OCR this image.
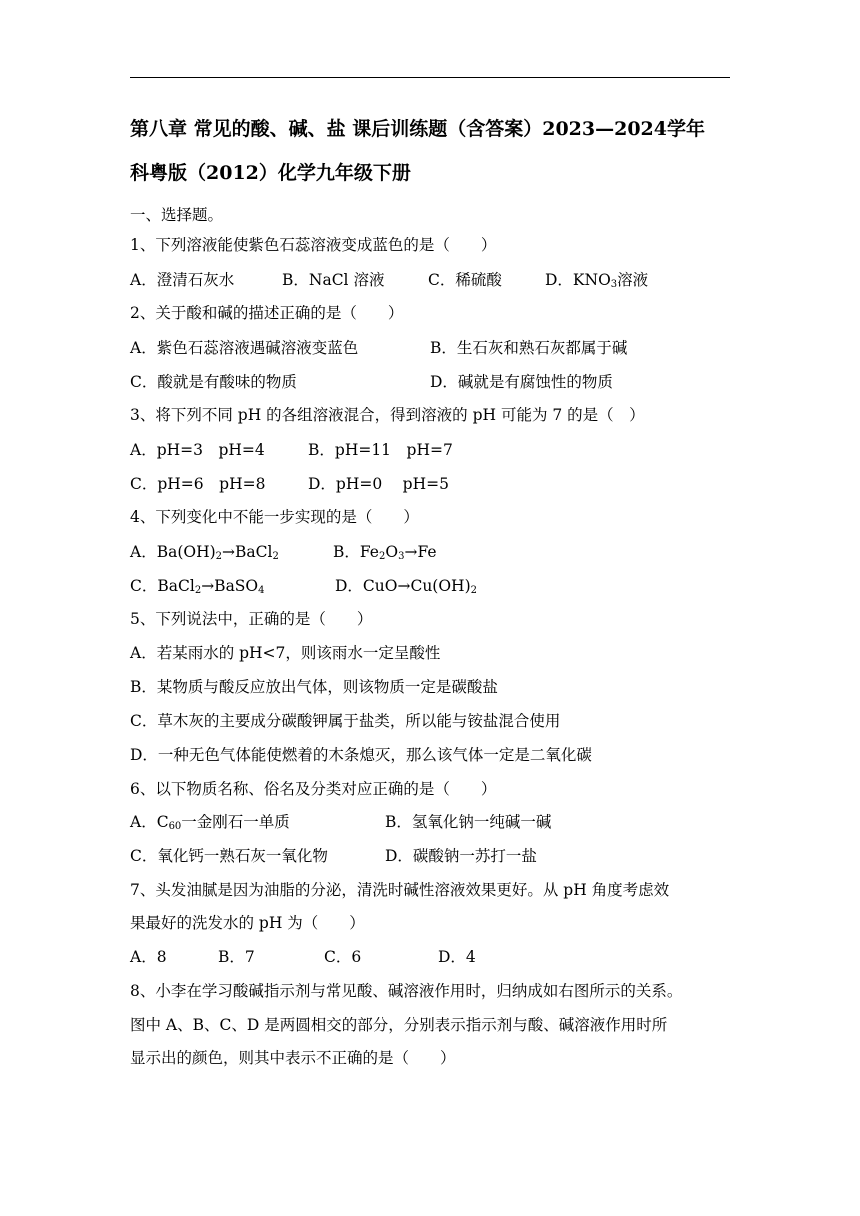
第八章 常见的酸、碱、盐 课后训练题（含答案）2023—2024学年
科粤版（2012）化学九年级下册
一、选择题。
1、下列溶液能使紫色石蕊溶液变成蓝色的是（　　）
A．澄清石灰水	B．NaCl 溶液	C．稀硫酸	D．$KNO_3$溶液
2、关于酸和碱的描述正确的是（　　）
A．紫色石蕊溶液遇碱溶液变蓝色	B．生石灰和熟石灰都属于碱
C．酸就是有酸味的物质	D．碱就是有腐蚀性的物质
3、将下列不同 pH 的各组溶液混合，得到溶液的 pH 可能为 7 的是（　）
A．pH=3　pH=4	B．pH=11　pH=7
C．pH=6　pH=8	D．pH=0　 pH=5
4、下列变化中不能一步实现的是（　　）
A．$Ba(OH)_2\to BaCl_2$	B．$Fe_2O_3\to Fe$
C．BaCl$_2$→BaSO$_4$	D．$CuO\to Cu(OH)_2$
5、下列说法中，正确的是（　　）
A．若某雨水的 pH<7，则该雨水一定呈酸性
B．某物质与酸反应放出气体，则该物质一定是碳酸盐
C．草木灰的主要成分碳酸钾属于盐类，所以能与铵盐混合使用
D．一种无色气体能使燃着的木条熄灭，那么该气体一定是二氧化碳
6、以下物质名称、俗名及分类对应正确的是（　　）
A．$C_{60}$一金刚石一单质	B．氢氧化钠一纯碱一碱
C．氧化钙一熟石灰一氧化物	D．碳酸钠一苏打一盐
7、头发油腻是因为油脂的分泌，清洗时碱性溶液效果更好。从 pH 角度考虑效
果最好的洗发水的 pH 为（　　）
A．8	B．7	C．6	D．4
8、小李在学习酸碱指示剂与常见酸、碱溶液作用时，归纳成如右图所示的关系。
图中 A、B、C、D 是两圆相交的部分，分别表示指示剂与酸、碱溶液作用时所
显示出的颜色，则其中表示不正确的是（　　）
